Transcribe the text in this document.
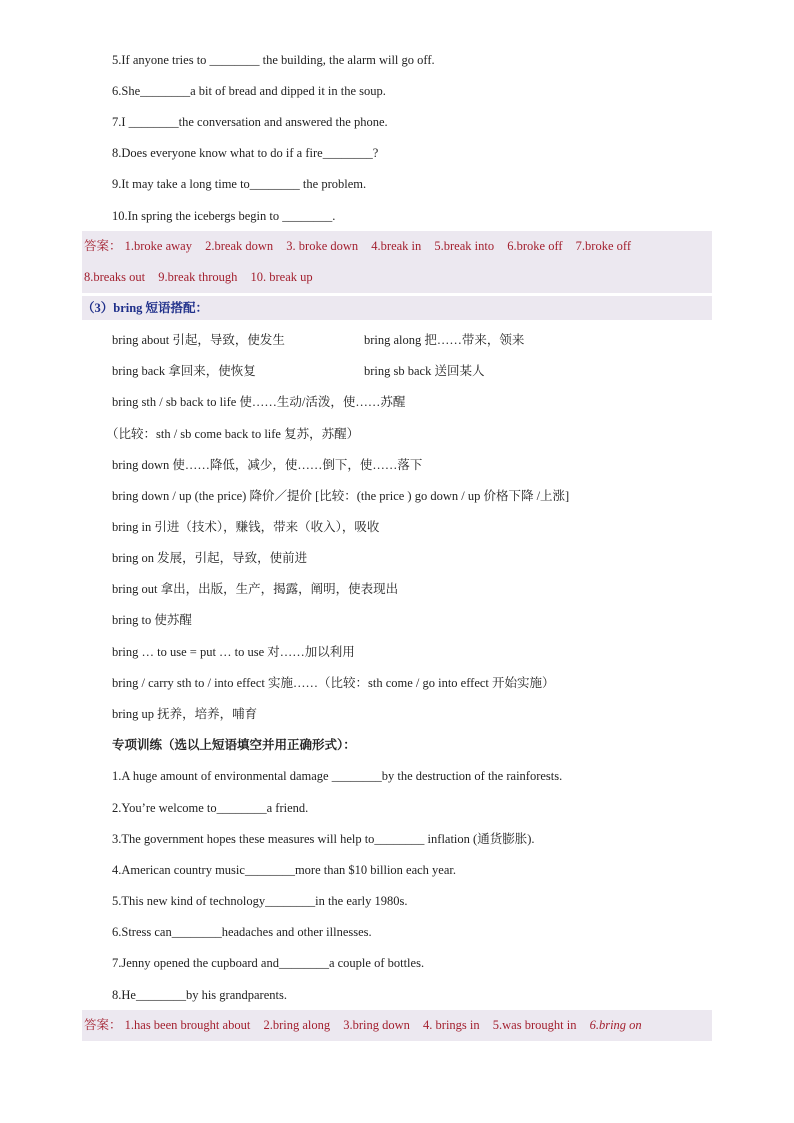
5.If anyone tries to ________ the building, the alarm will go off.
6.She________a bit of bread and dipped it in the soup.
7.I ________the conversation and answered the phone.
8.Does everyone know what to do if a fire________?
9.It may take a long time to________ the problem.
10.In spring the icebergs begin to ________.
答案： 1.broke away 2.break down 3. broke down 4.break in 5.break into 6.broke off 7.broke off
8.breaks out 9.break through 10. break up
（3）bring 短语搭配：
bring about 引起，导致，使发生	bring along 把……带来，领来
bring back 拿回来，使恢复	bring sb back 送回某人
bring sth / sb back to life 使……生动/活泼，使……苏醒
（比较：sth / sb come back to life 复苏，苏醒）
bring down 使……降低，减少，使……倒下，使……落下
bring down / up (the price) 降价／提价 [比较：(the price ) go down / up 价格下降 /上涨]
bring in 引进（技术），赚钱，带来（收入），吸收
bring on 发展，引起，导致，使前进
bring out 拿出，出版，生产，揭露，阐明，使表现出
bring to 使苏醒
bring … to use = put … to use 对……加以利用
bring / carry sth to / into effect 实施……（比较：sth come / go into effect 开始实施）
bring up 抚养，培养，哺育
专项训练（选以上短语填空并用正确形式）：
1.A huge amount of environmental damage ________by the destruction of the rainforests.
2.You’re welcome to________a friend.
3.The government hopes these measures will help to________ inflation (通货膨胀).
4.American country music________more than $10 billion each year.
5.This new kind of technology________in the early 1980s.
6.Stress can________headaches and other illnesses.
7.Jenny opened the cupboard and________a couple of bottles.
8.He________by his grandparents.
答案： 1.has been brought about 2.bring along 3.bring down 4. brings in 5.was brought in 6.bring on
